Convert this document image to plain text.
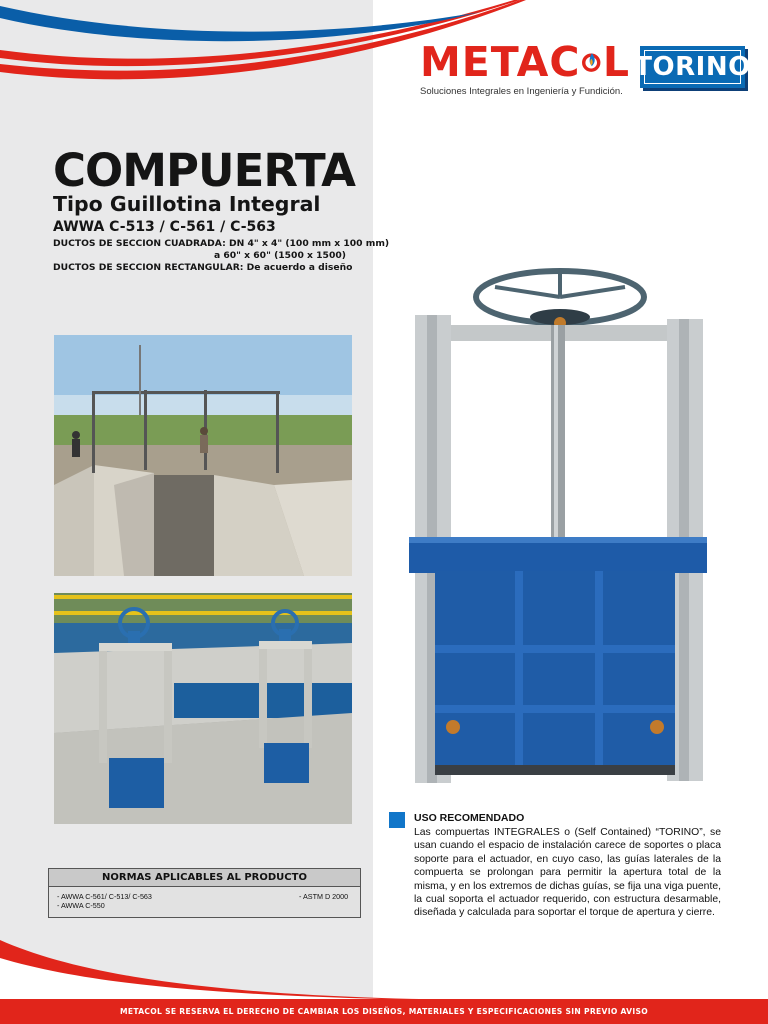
METAC L
Soluciones Integrales en Ingeniería y Fundición.
TORINO
COMPUERTA
Tipo Guillotina Integral
AWWA C-513 / C-561 / C-563
DUCTOS DE SECCION CUADRADA: DN 4" x 4" (100 mm x 100 mm)
a 60" x 60" (1500 x 1500)
DUCTOS DE SECCION RECTANGULAR: De acuerdo a diseño
NORMAS APLICABLES AL PRODUCTO
- AWWA C-561/ C-513/ C-563
- AWWA C-550
- ASTM D 2000
USO RECOMENDADO
Las compuertas INTEGRALES o (Self Contained) “TORINO”, se usan cuando el espacio de instalación carece de soportes o placa soporte para el actuador, en cuyo caso, las guías laterales de la compuerta se prolongan para permitir la apertura total de la misma, y en los extremos de dichas guías, se fija una viga puente, la cual soporta el actuador requerido, con estructura desarmable, diseñada y calculada para soportar el torque de apertura y cierre.
METACOL SE RESERVA EL DERECHO DE CAMBIAR LOS DISEÑOS, MATERIALES Y ESPECIFICACIONES SIN PREVIO AVISO
